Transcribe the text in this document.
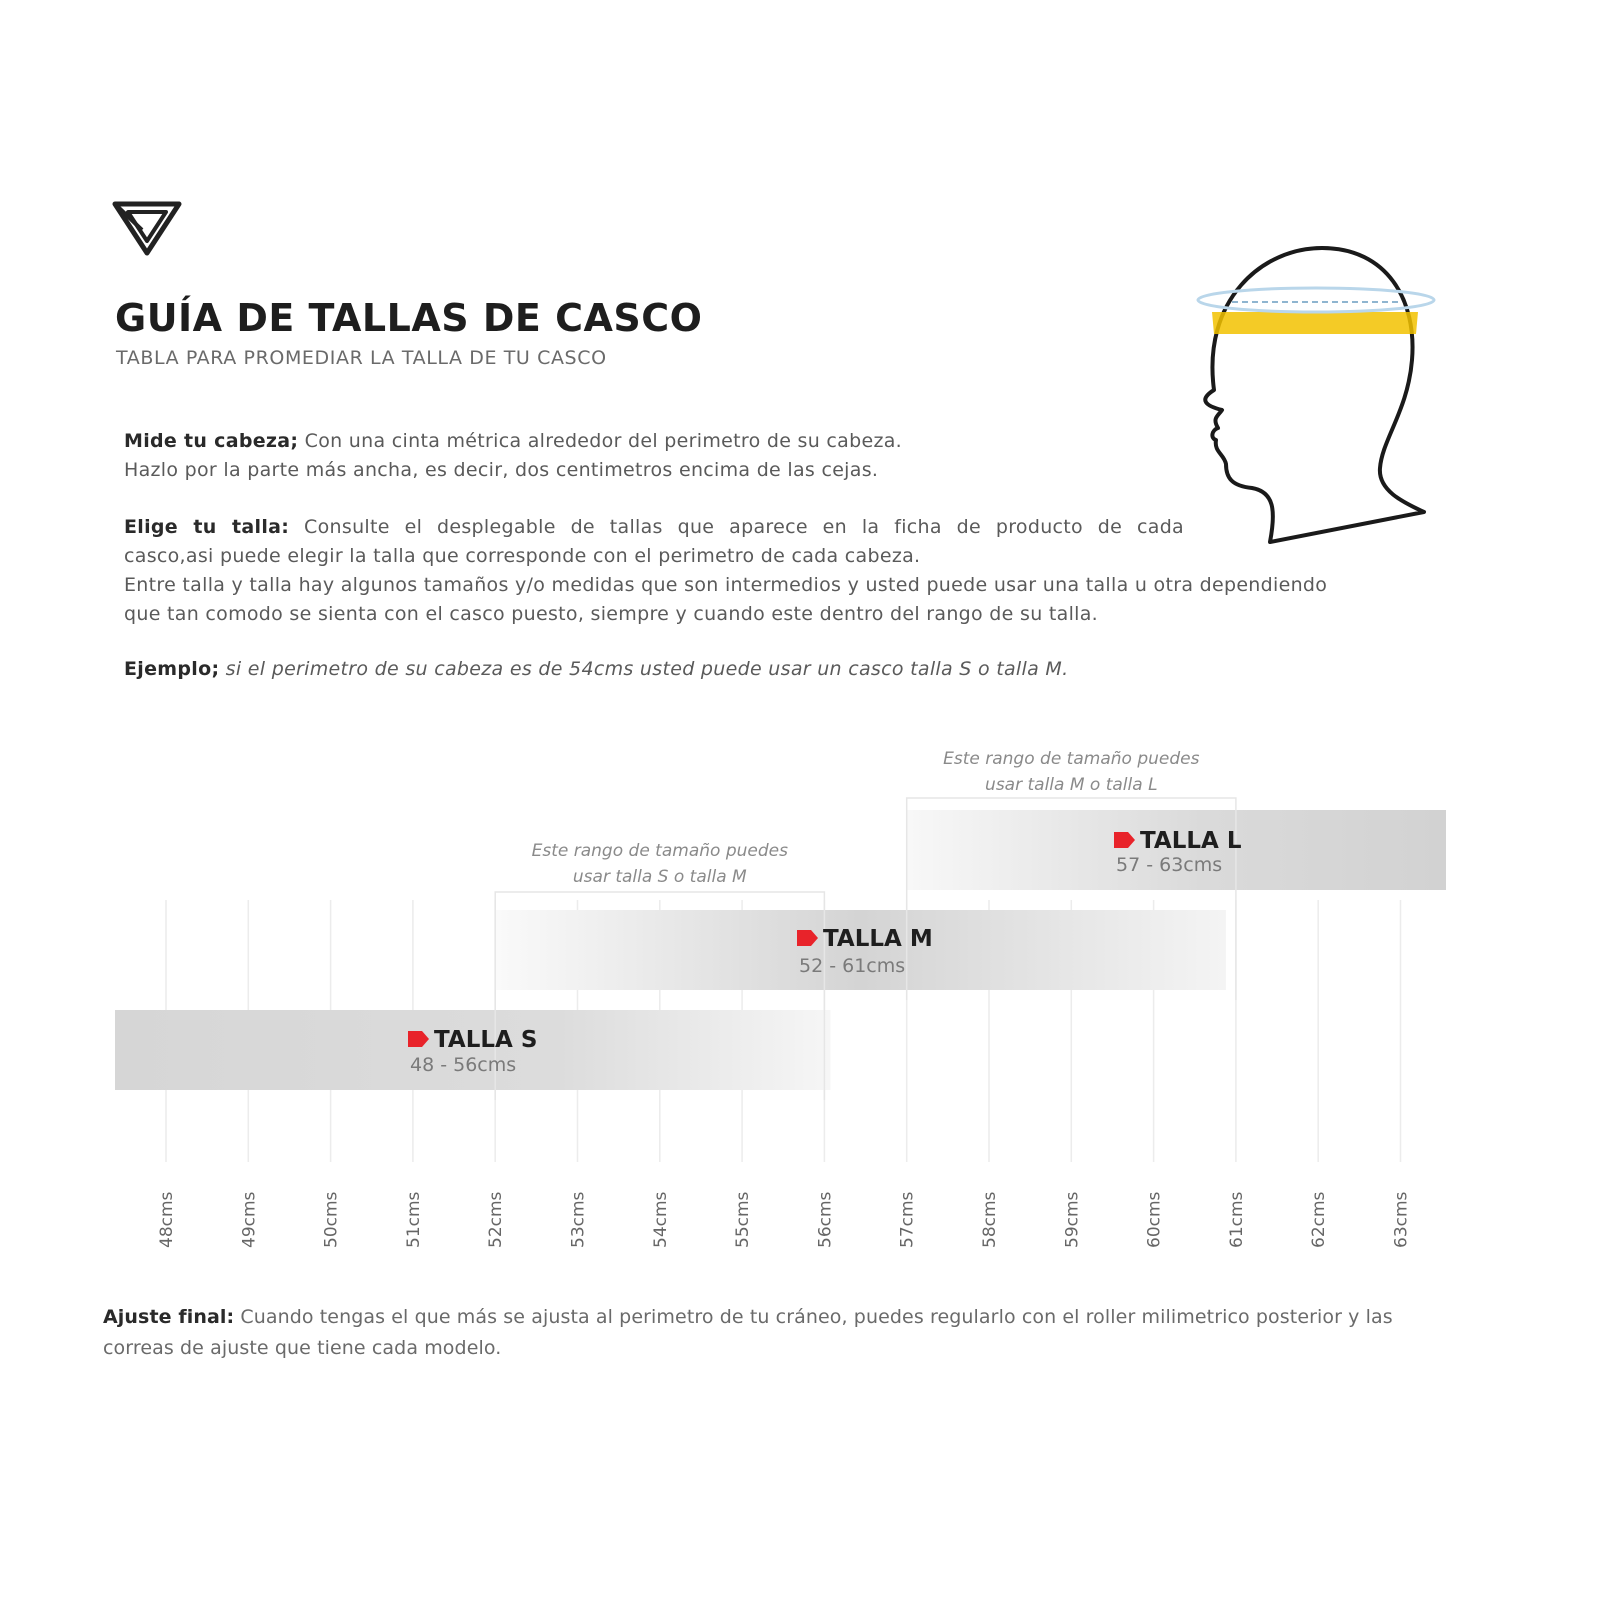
GUÍA DE TALLAS DE CASCO
TABLA PARA PROMEDIAR LA TALLA DE TU CASCO
Mide tu cabeza; Con una cinta métrica alrededor del perimetro de su cabeza.
Hazlo por la parte más ancha, es decir, dos centimetros encima de las cejas.
Elige tu talla: Consulte el desplegable de tallas que aparece en la ficha de producto de cada
casco,asi puede elegir la talla que corresponde con el perimetro de cada cabeza.
Entre talla y talla hay algunos tamaños y/o medidas que son intermedios y usted puede usar una talla u otra dependiendo
que tan comodo se sienta con el casco puesto, siempre y cuando este dentro del rango de su talla.
Ejemplo; si el perimetro de su cabeza es de 54cms usted puede usar un casco talla S o talla M.
Este rango de tamaño puedes
usar talla S o talla M
Este rango de tamaño puedes
usar talla M o talla L
TALLA S
48 - 56cms
TALLA M
52 - 61cms
TALLA L
57 - 63cms
48cms	49cms	50cms	51cms	52cms	53cms	54cms	55cms	56cms	57cms	58cms	59cms	60cms	61cms	62cms	63cms
Ajuste final: Cuando tengas el que más se ajusta al perimetro de tu cráneo, puedes regularlo con el roller milimetrico posterior y las
correas de ajuste que tiene cada modelo.
